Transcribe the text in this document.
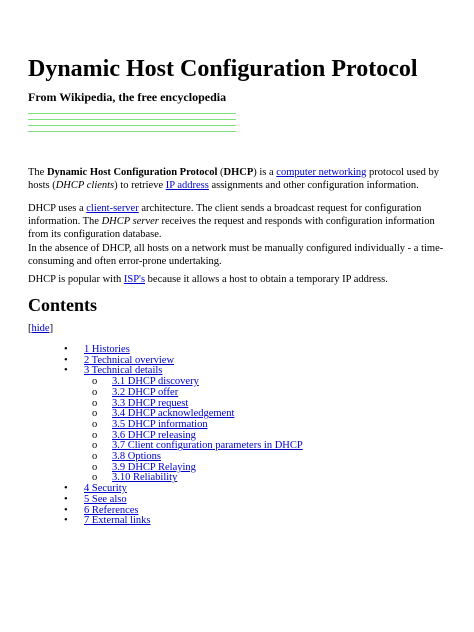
Dynamic Host Configuration Protocol

From Wikipedia, the free encyclopedia

The Dynamic Host Configuration Protocol (DHCP) is a computer networking protocol used by hosts (DHCP clients) to retrieve IP address assignments and other configuration information.

DHCP uses a client-server architecture. The client sends a broadcast request for configuration information. The DHCP server receives the request and responds with configuration information from its configuration database.

In the absence of DHCP, all hosts on a network must be manually configured individually - a time-consuming and often error-prone undertaking.

DHCP is popular with ISP's because it allows a host to obtain a temporary IP address.

Contents
[hide]
• 1 Histories
• 2 Technical overview
• 3 Technical details
o 3.1 DHCP discovery
o 3.2 DHCP offer
o 3.3 DHCP request
o 3.4 DHCP acknowledgement
o 3.5 DHCP information
o 3.6 DHCP releasing
o 3.7 Client configuration parameters in DHCP
o 3.8 Options
o 3.9 DHCP Relaying
o 3.10 Reliability
• 4 Security
• 5 See also
• 6 References
• 7 External links
